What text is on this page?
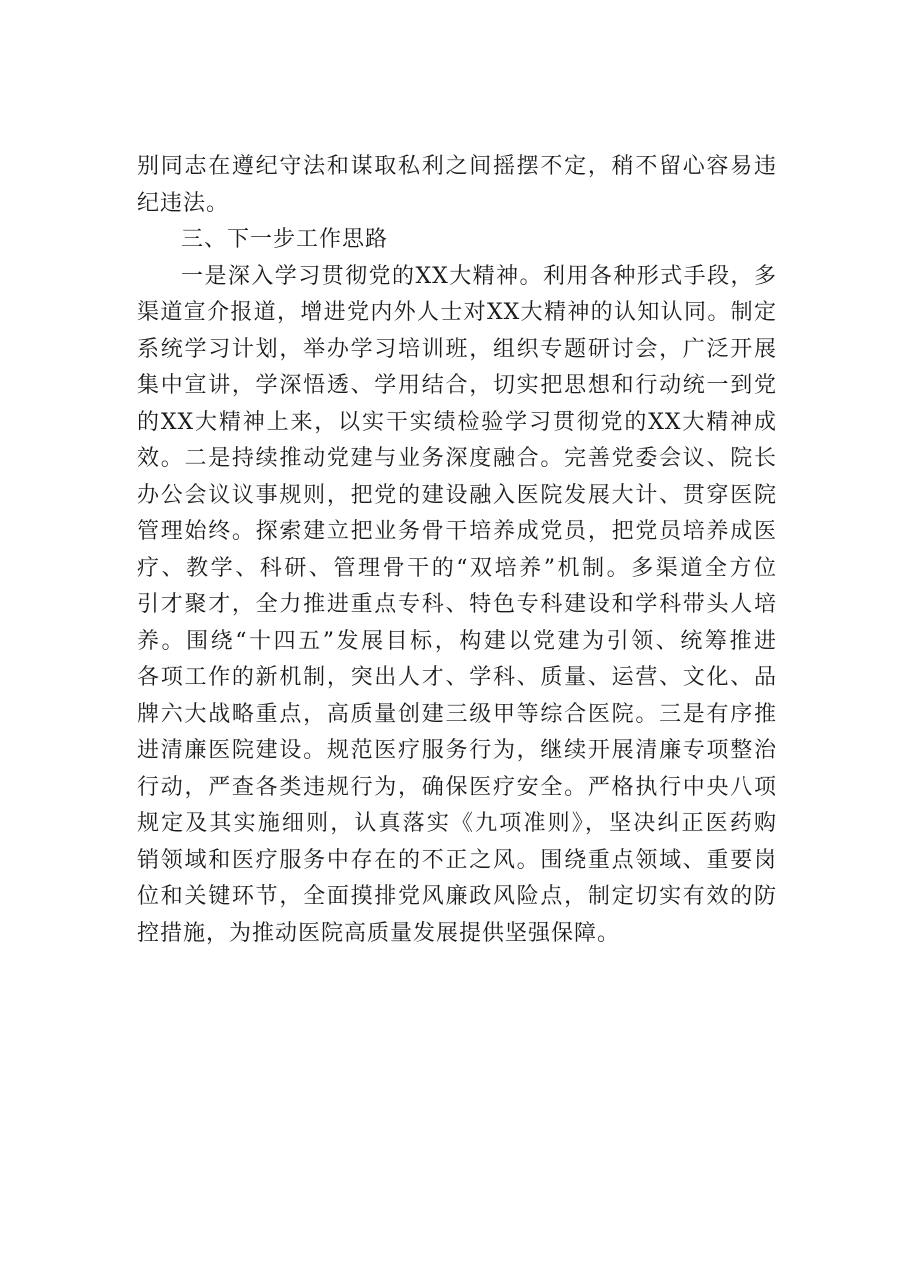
别同志在遵纪守法和谋取私利之间摇摆不定，稍不留心容易违
纪违法。
三、下一步工作思路
一是深入学习贯彻党的XX大精神。利用各种形式手段，多
渠道宣介报道，增进党内外人士对XX大精神的认知认同。制定
系统学习计划，举办学习培训班，组织专题研讨会，广泛开展
集中宣讲，学深悟透、学用结合，切实把思想和行动统一到党
的XX大精神上来，以实干实绩检验学习贯彻党的XX大精神成
效。二是持续推动党建与业务深度融合。完善党委会议、院长
办公会议议事规则，把党的建设融入医院发展大计、贯穿医院
管理始终。探索建立把业务骨干培养成党员，把党员培养成医
疗、教学、科研、管理骨干的“双培养”机制。多渠道全方位
引才聚才，全力推进重点专科、特色专科建设和学科带头人培
养。围绕“十四五”发展目标，构建以党建为引领、统筹推进
各项工作的新机制，突出人才、学科、质量、运营、文化、品
牌六大战略重点，高质量创建三级甲等综合医院。三是有序推
进清廉医院建设。规范医疗服务行为，继续开展清廉专项整治
行动，严查各类违规行为，确保医疗安全。严格执行中央八项
规定及其实施细则，认真落实《九项准则》，坚决纠正医药购
销领域和医疗服务中存在的不正之风。围绕重点领域、重要岗
位和关键环节，全面摸排党风廉政风险点，制定切实有效的防
控措施，为推动医院高质量发展提供坚强保障。
